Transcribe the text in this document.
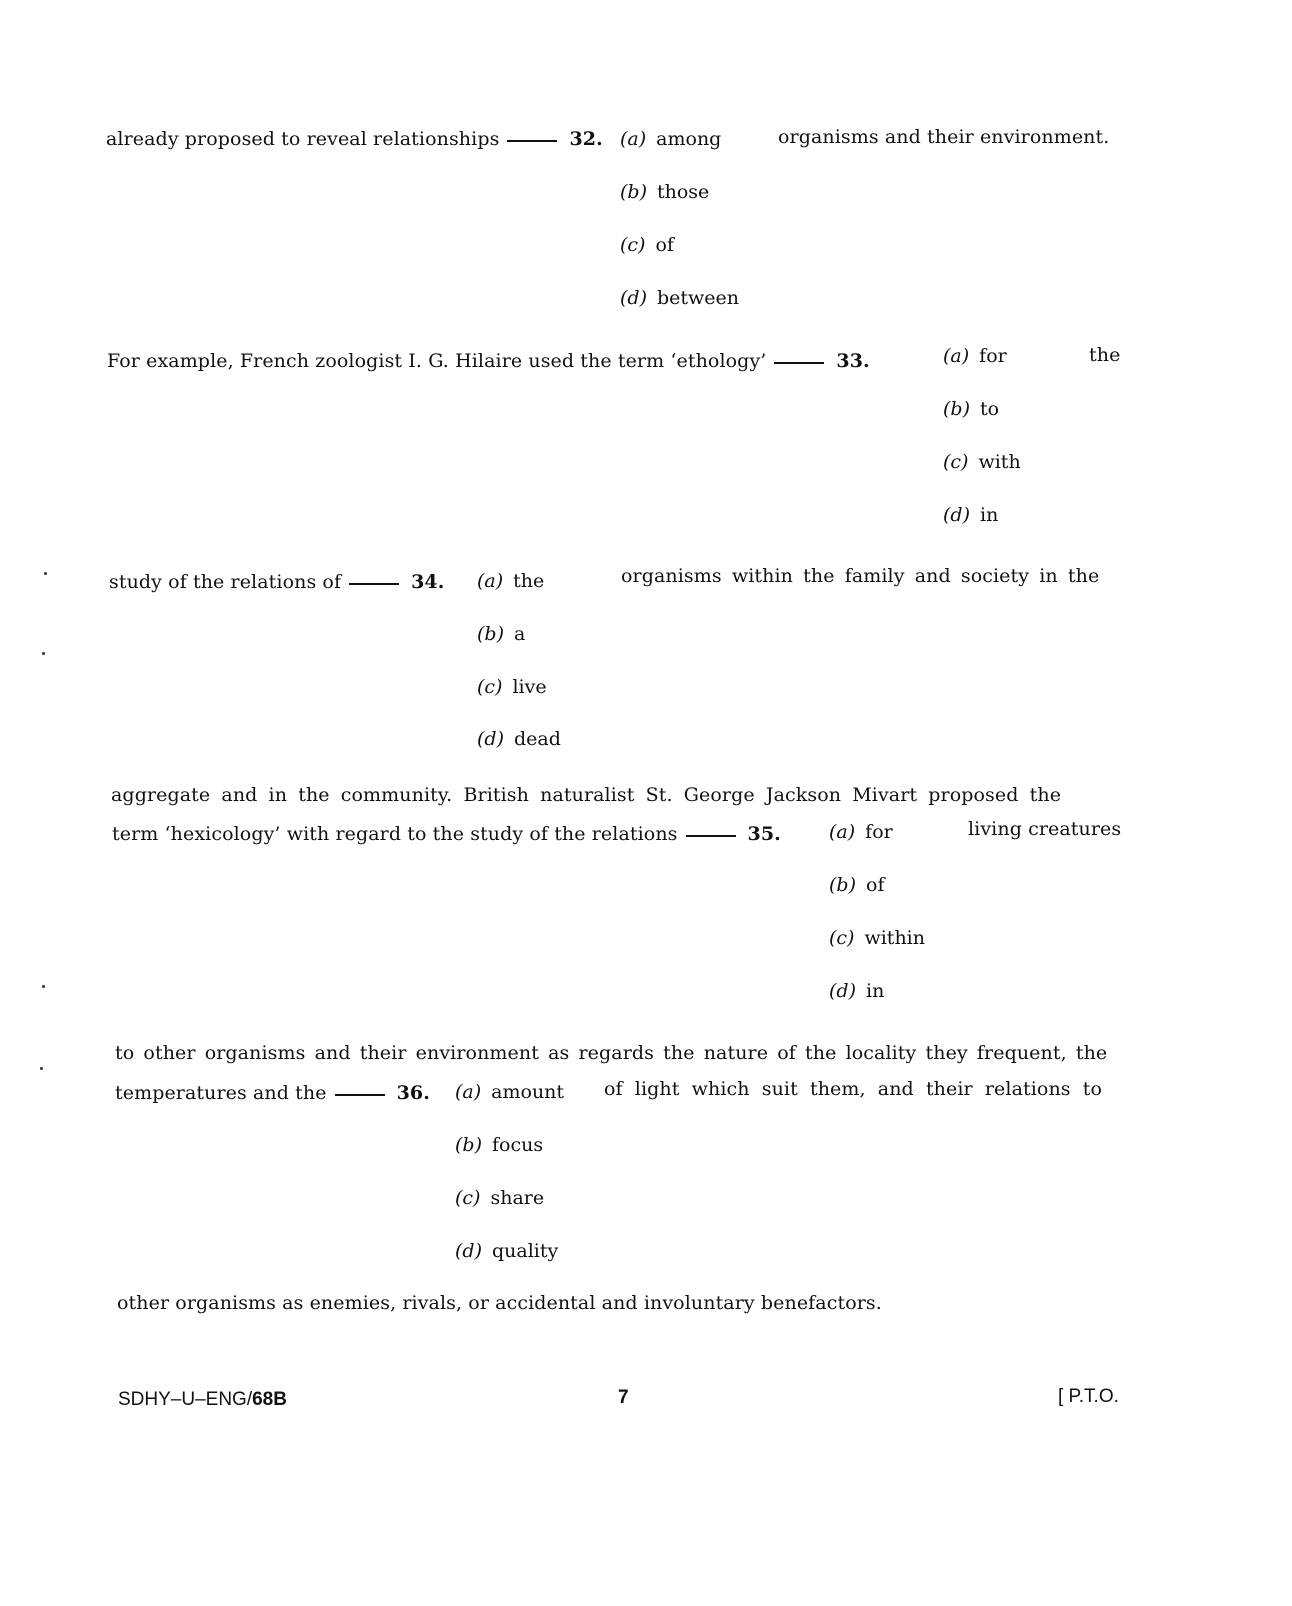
already proposed to reveal relationships	32. (a) among	organisms and their environment.
(b) those
(c) of
(d) between
For example, French zoologist I. G. Hilaire used the term ‘ethology’	33.	(a) for	the
(b) to
(c) with
(d) in
study of the relations of	34. (a) the	organisms within the family and society in the
(b) a
(c) live
(d) dead
aggregate and in the community. British naturalist St. George Jackson Mivart proposed the
term ‘hexicology’ with regard to the study of the relations	35.	(a) for	living creatures
(b) of
(c) within
(d) in
to other organisms and their environment as regards the nature of the locality they frequent, the
temperatures and the	36. (a) amount of light which suit them, and their relations to
(b) focus
(c) share
(d) quality
other organisms as enemies, rivals, or accidental and involuntary benefactors.
SDHY–U–ENG/68B	7	[ P.T.O.
